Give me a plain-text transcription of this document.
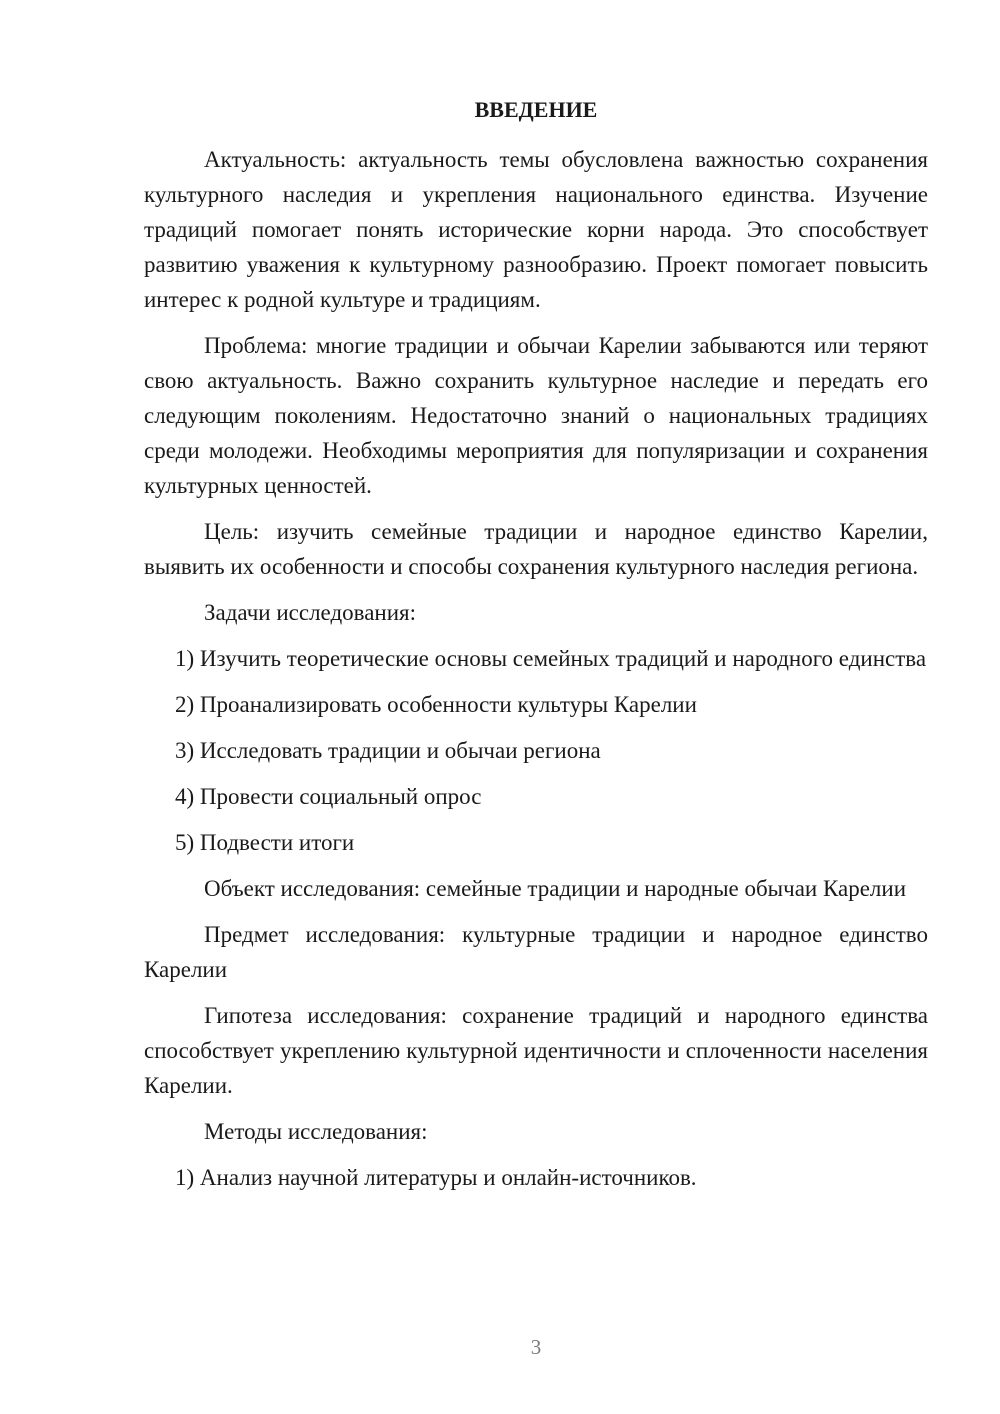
ВВЕДЕНИЕ

Актуальность: актуальность темы обусловлена важностью сохранения культурного наследия и укрепления национального единства. Изучение традиций помогает понять исторические корни народа. Это способствует развитию уважения к культурному разнообразию. Проект помогает повысить интерес к родной культуре и традициям.

Проблема: многие традиции и обычаи Карелии забываются или теряют свою актуальность. Важно сохранить культурное наследие и передать его следующим поколениям. Недостаточно знаний о национальных традициях среди молодежи. Необходимы мероприятия для популяризации и сохранения культурных ценностей.

Цель: изучить семейные традиции и народное единство Карелии, выявить их особенности и способы сохранения культурного наследия региона.

Задачи исследования:

1) Изучить теоретические основы семейных традиций и народного единства

2) Проанализировать особенности культуры Карелии

3) Исследовать традиции и обычаи региона

4) Провести социальный опрос

5) Подвести итоги

Объект исследования: семейные традиции и народные обычаи Карелии

Предмет исследования: культурные традиции и народное единство Карелии

Гипотеза исследования: сохранение традиций и народного единства способствует укреплению культурной идентичности и сплоченности населения Карелии.

Методы исследования:

1) Анализ научной литературы и онлайн-источников.

3
